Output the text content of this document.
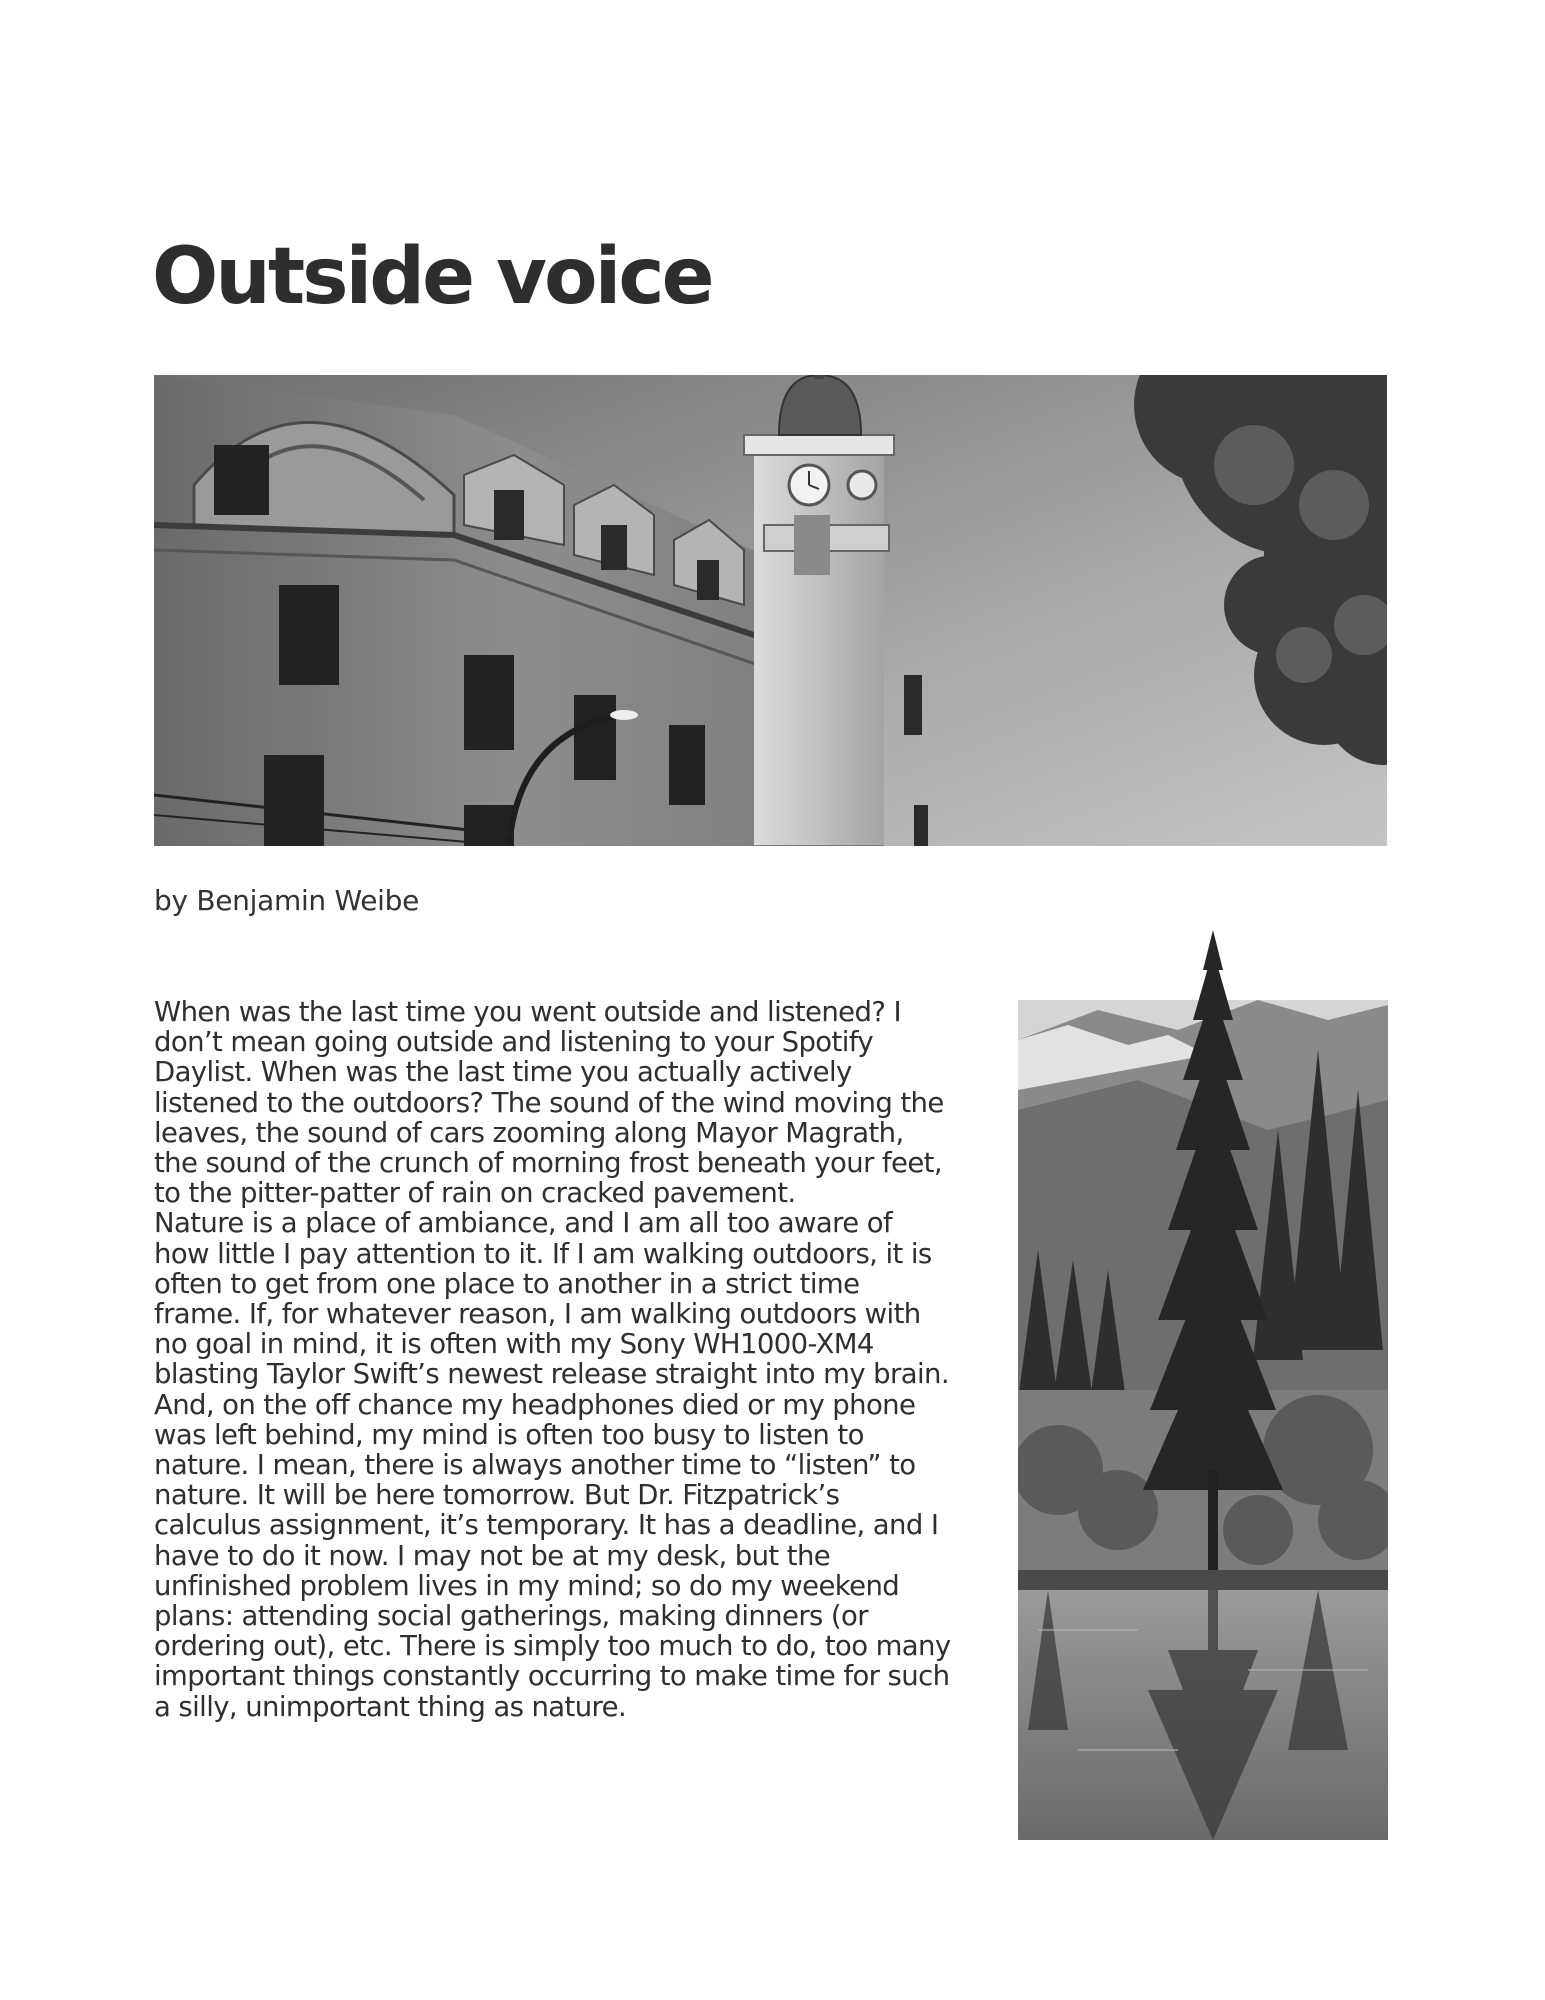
Outside voice
by Benjamin Weibe

When was the last time you went outside and listened? I don’t mean going outside and listening to your Spotify Daylist. When was the last time you actually actively listened to the outdoors? The sound of the wind moving the leaves, the sound of cars zooming along Mayor Magrath, the sound of the crunch of morning frost beneath your feet, to the pitter-patter of rain on cracked pavement.

Nature is a place of ambiance, and I am all too aware of how little I pay attention to it. If I am walking outdoors, it is often to get from one place to another in a strict time frame. If, for whatever reason, I am walking outdoors with no goal in mind, it is often with my Sony WH1000-XM4 blasting Taylor Swift’s newest release straight into my brain. And, on the off chance my headphones died or my phone was left behind, my mind is often too busy to listen to nature. I mean, there is always another time to “listen” to nature. It will be here tomorrow. But Dr. Fitzpatrick’s calculus assignment, it’s temporary. It has a deadline, and I have to do it now. I may not be at my desk, but the unfinished problem lives in my mind; so do my weekend plans: attending social gatherings, making dinners (or ordering out), etc. There is simply too much to do, too many important things constantly occurring to make time for such a silly, unimportant thing as nature.
